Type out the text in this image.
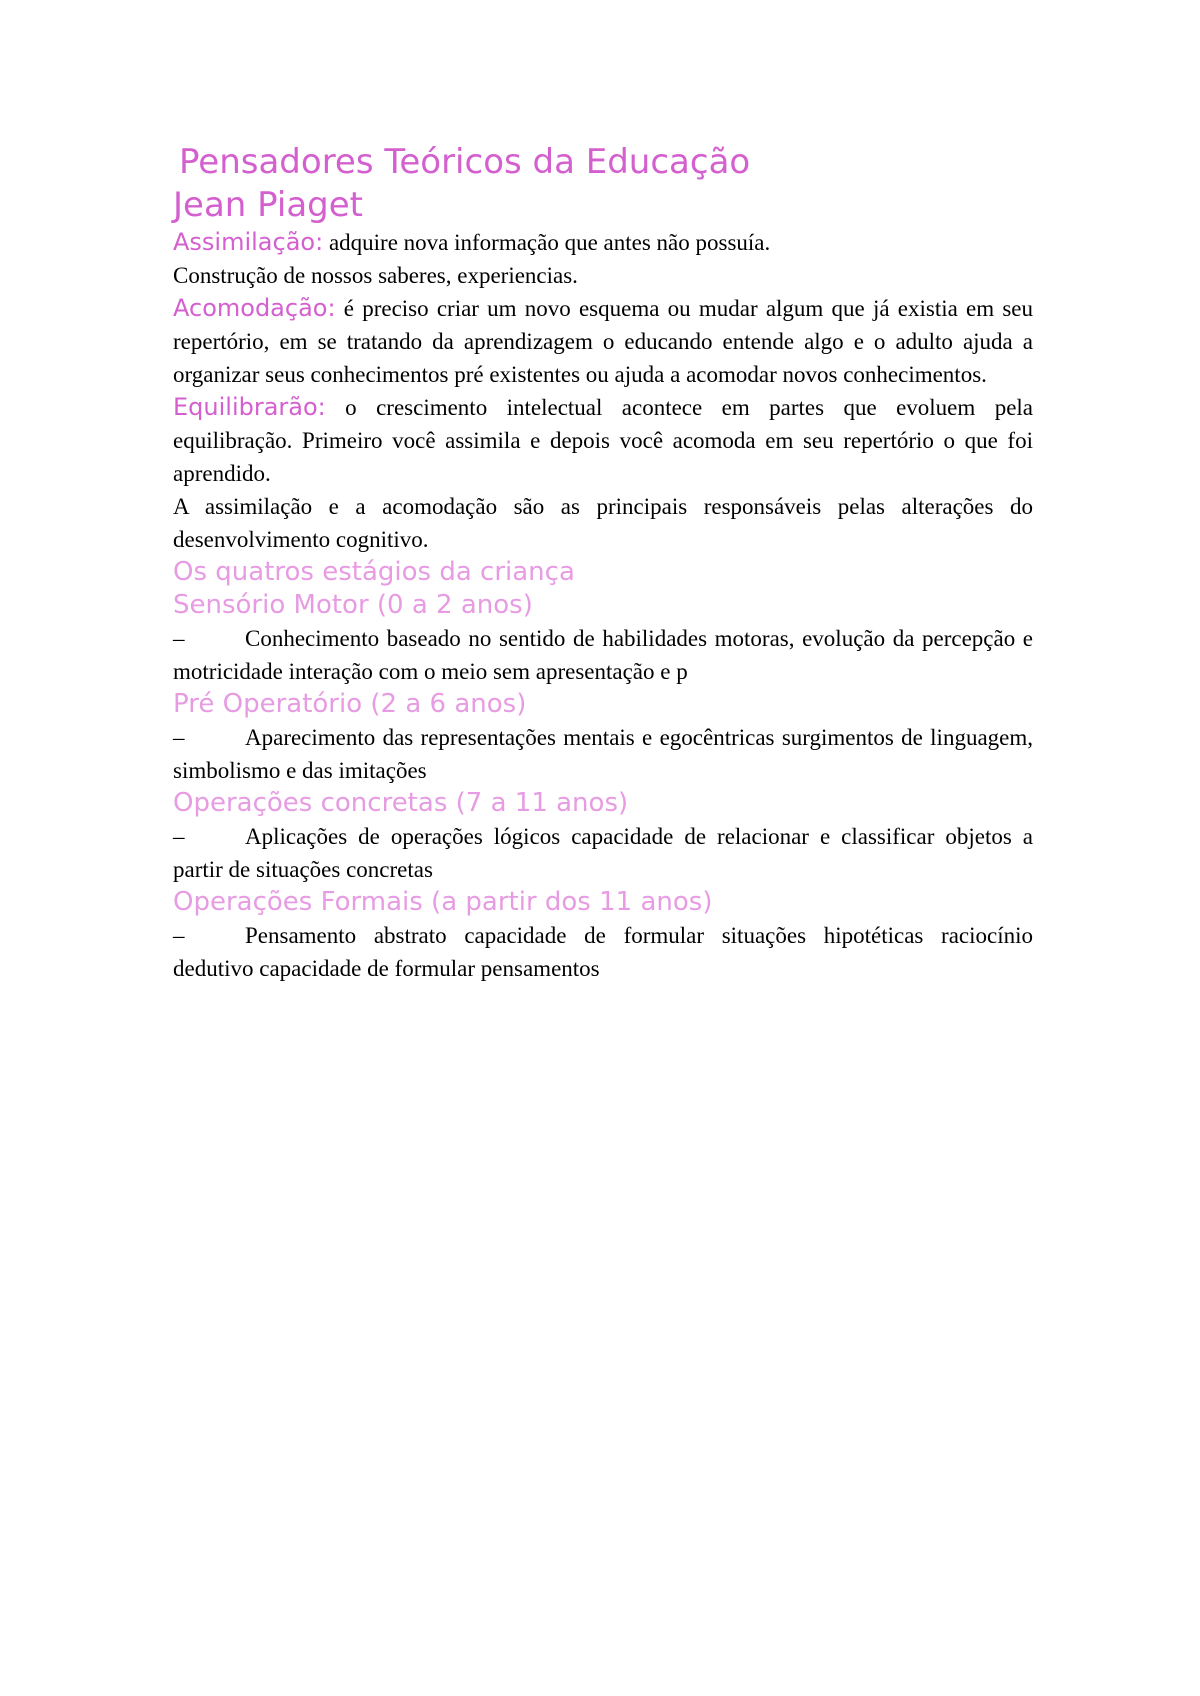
Pensadores Teóricos da Educação
Jean Piaget

Assimilação: adquire nova informação que antes não possuía.

Construção de nossos saberes, experiencias.

Acomodação: é preciso criar um novo esquema ou mudar algum que já existia em seu repertório, em se tratando da aprendizagem o educando entende algo e o adulto ajuda a organizar seus conhecimentos pré existentes ou ajuda a acomodar novos conhecimentos.

Equilibrarão: o crescimento intelectual acontece em partes que evoluem pela equilibração. Primeiro você assimila e depois você acomoda em seu repertório o que foi aprendido.

A assimilação e a acomodação são as principais responsáveis pelas alterações do desenvolvimento cognitivo.

Os quatros estágios da criança
Sensório Motor (0 a 2 anos)

–	Conhecimento baseado no sentido de habilidades motoras, evolução da percepção e motricidade interação com o meio sem apresentação e p

Pré Operatório (2 a 6 anos)

–	Aparecimento das representações mentais e egocêntricas surgimentos de linguagem, simbolismo e das imitações

Operações concretas (7 a 11 anos)

–	Aplicações de operações lógicos capacidade de relacionar e classificar objetos a partir de situações concretas

Operações Formais (a partir dos 11 anos)

–	Pensamento abstrato capacidade de formular situações hipotéticas raciocínio dedutivo capacidade de formular pensamentos
